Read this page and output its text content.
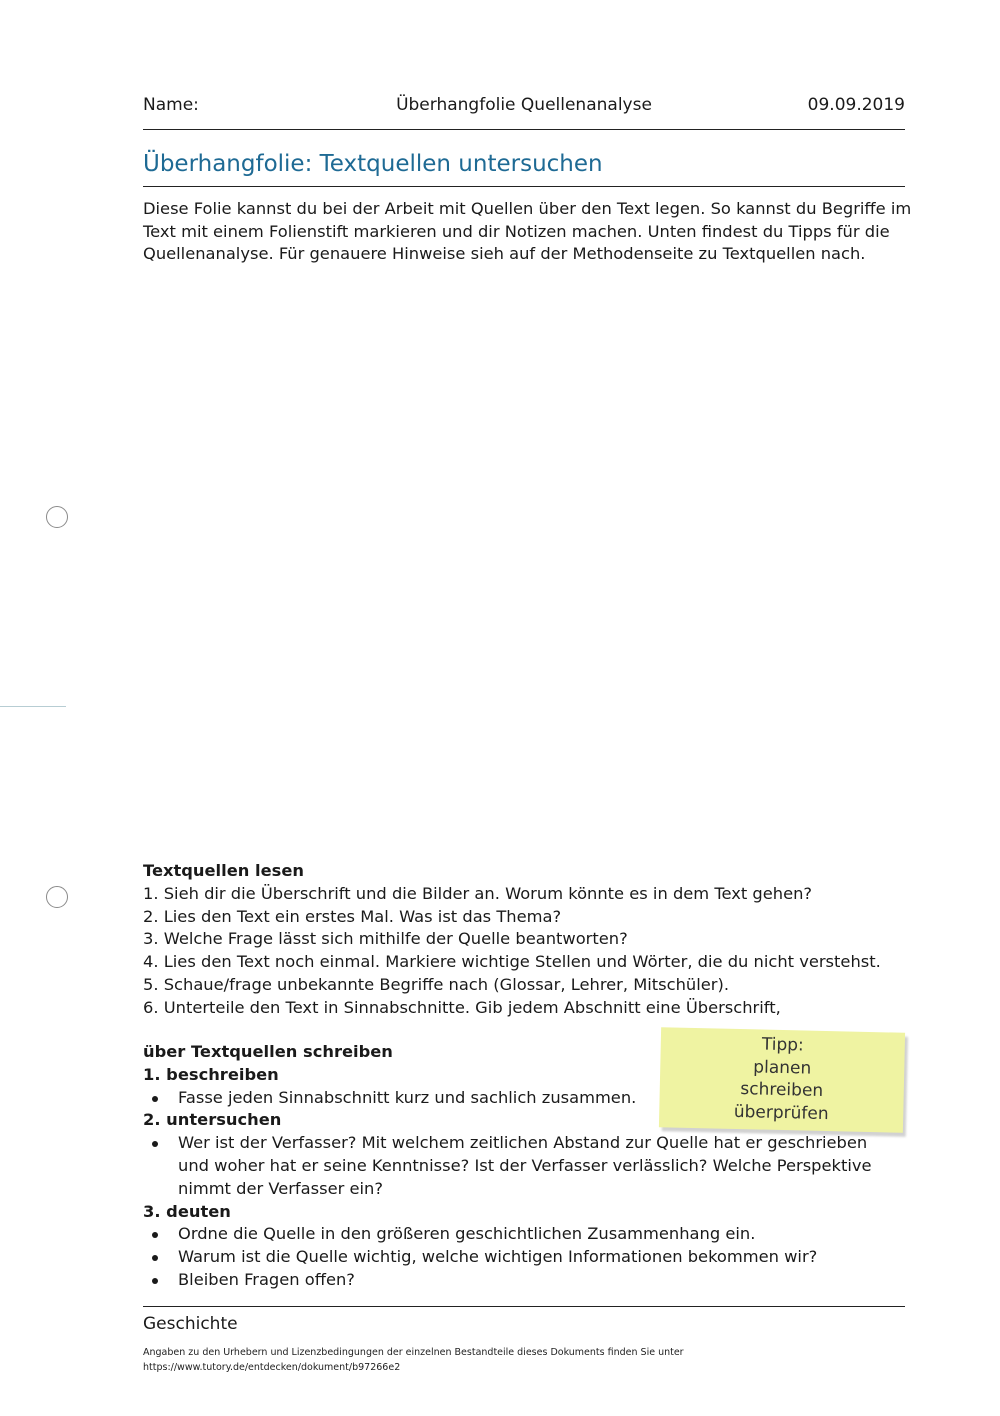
Name:	Überhangfolie Quellenanalyse	09.09.2019
Überhangfolie: Textquellen untersuchen

Diese Folie kannst du bei der Arbeit mit Quellen über den Text legen. So kannst du Begriffe im Text mit einem Folienstift markieren und dir Notizen machen. Unten findest du Tipps für die Quellenanalyse. Für genauere Hinweise sieh auf der Methodenseite zu Textquellen nach.

Textquellen lesen
1. Sieh dir die Überschrift und die Bilder an. Worum könnte es in dem Text gehen?
2. Lies den Text ein erstes Mal. Was ist das Thema?
3. Welche Frage lässt sich mithilfe der Quelle beantworten?
4. Lies den Text noch einmal. Markiere wichtige Stellen und Wörter, die du nicht verstehst.
5. Schaue/frage unbekannte Begriffe nach (Glossar, Lehrer, Mitschüler).
6. Unterteile den Text in Sinnabschnitte. Gib jedem Abschnitt eine Überschrift,
über Textquellen schreiben
1. beschreiben
Fasse jeden Sinnabschnitt kurz und sachlich zusammen.
2. untersuchen
Wer ist der Verfasser? Mit welchem zeitlichen Abstand zur Quelle hat er geschrieben und woher hat er seine Kenntnisse? Ist der Verfasser verlässlich? Welche Perspektive nimmt der Verfasser ein?
3. deuten
Ordne die Quelle in den größeren geschichtlichen Zusammenhang ein.
Warum ist die Quelle wichtig, welche wichtigen Informationen bekommen wir?
Bleiben Fragen offen?
Tipp:
planen
schreiben
überprüfen
Geschichte
Angaben zu den Urhebern und Lizenzbedingungen der einzelnen Bestandteile dieses Dokuments finden Sie unter
https://www.tutory.de/entdecken/dokument/b97266e2
